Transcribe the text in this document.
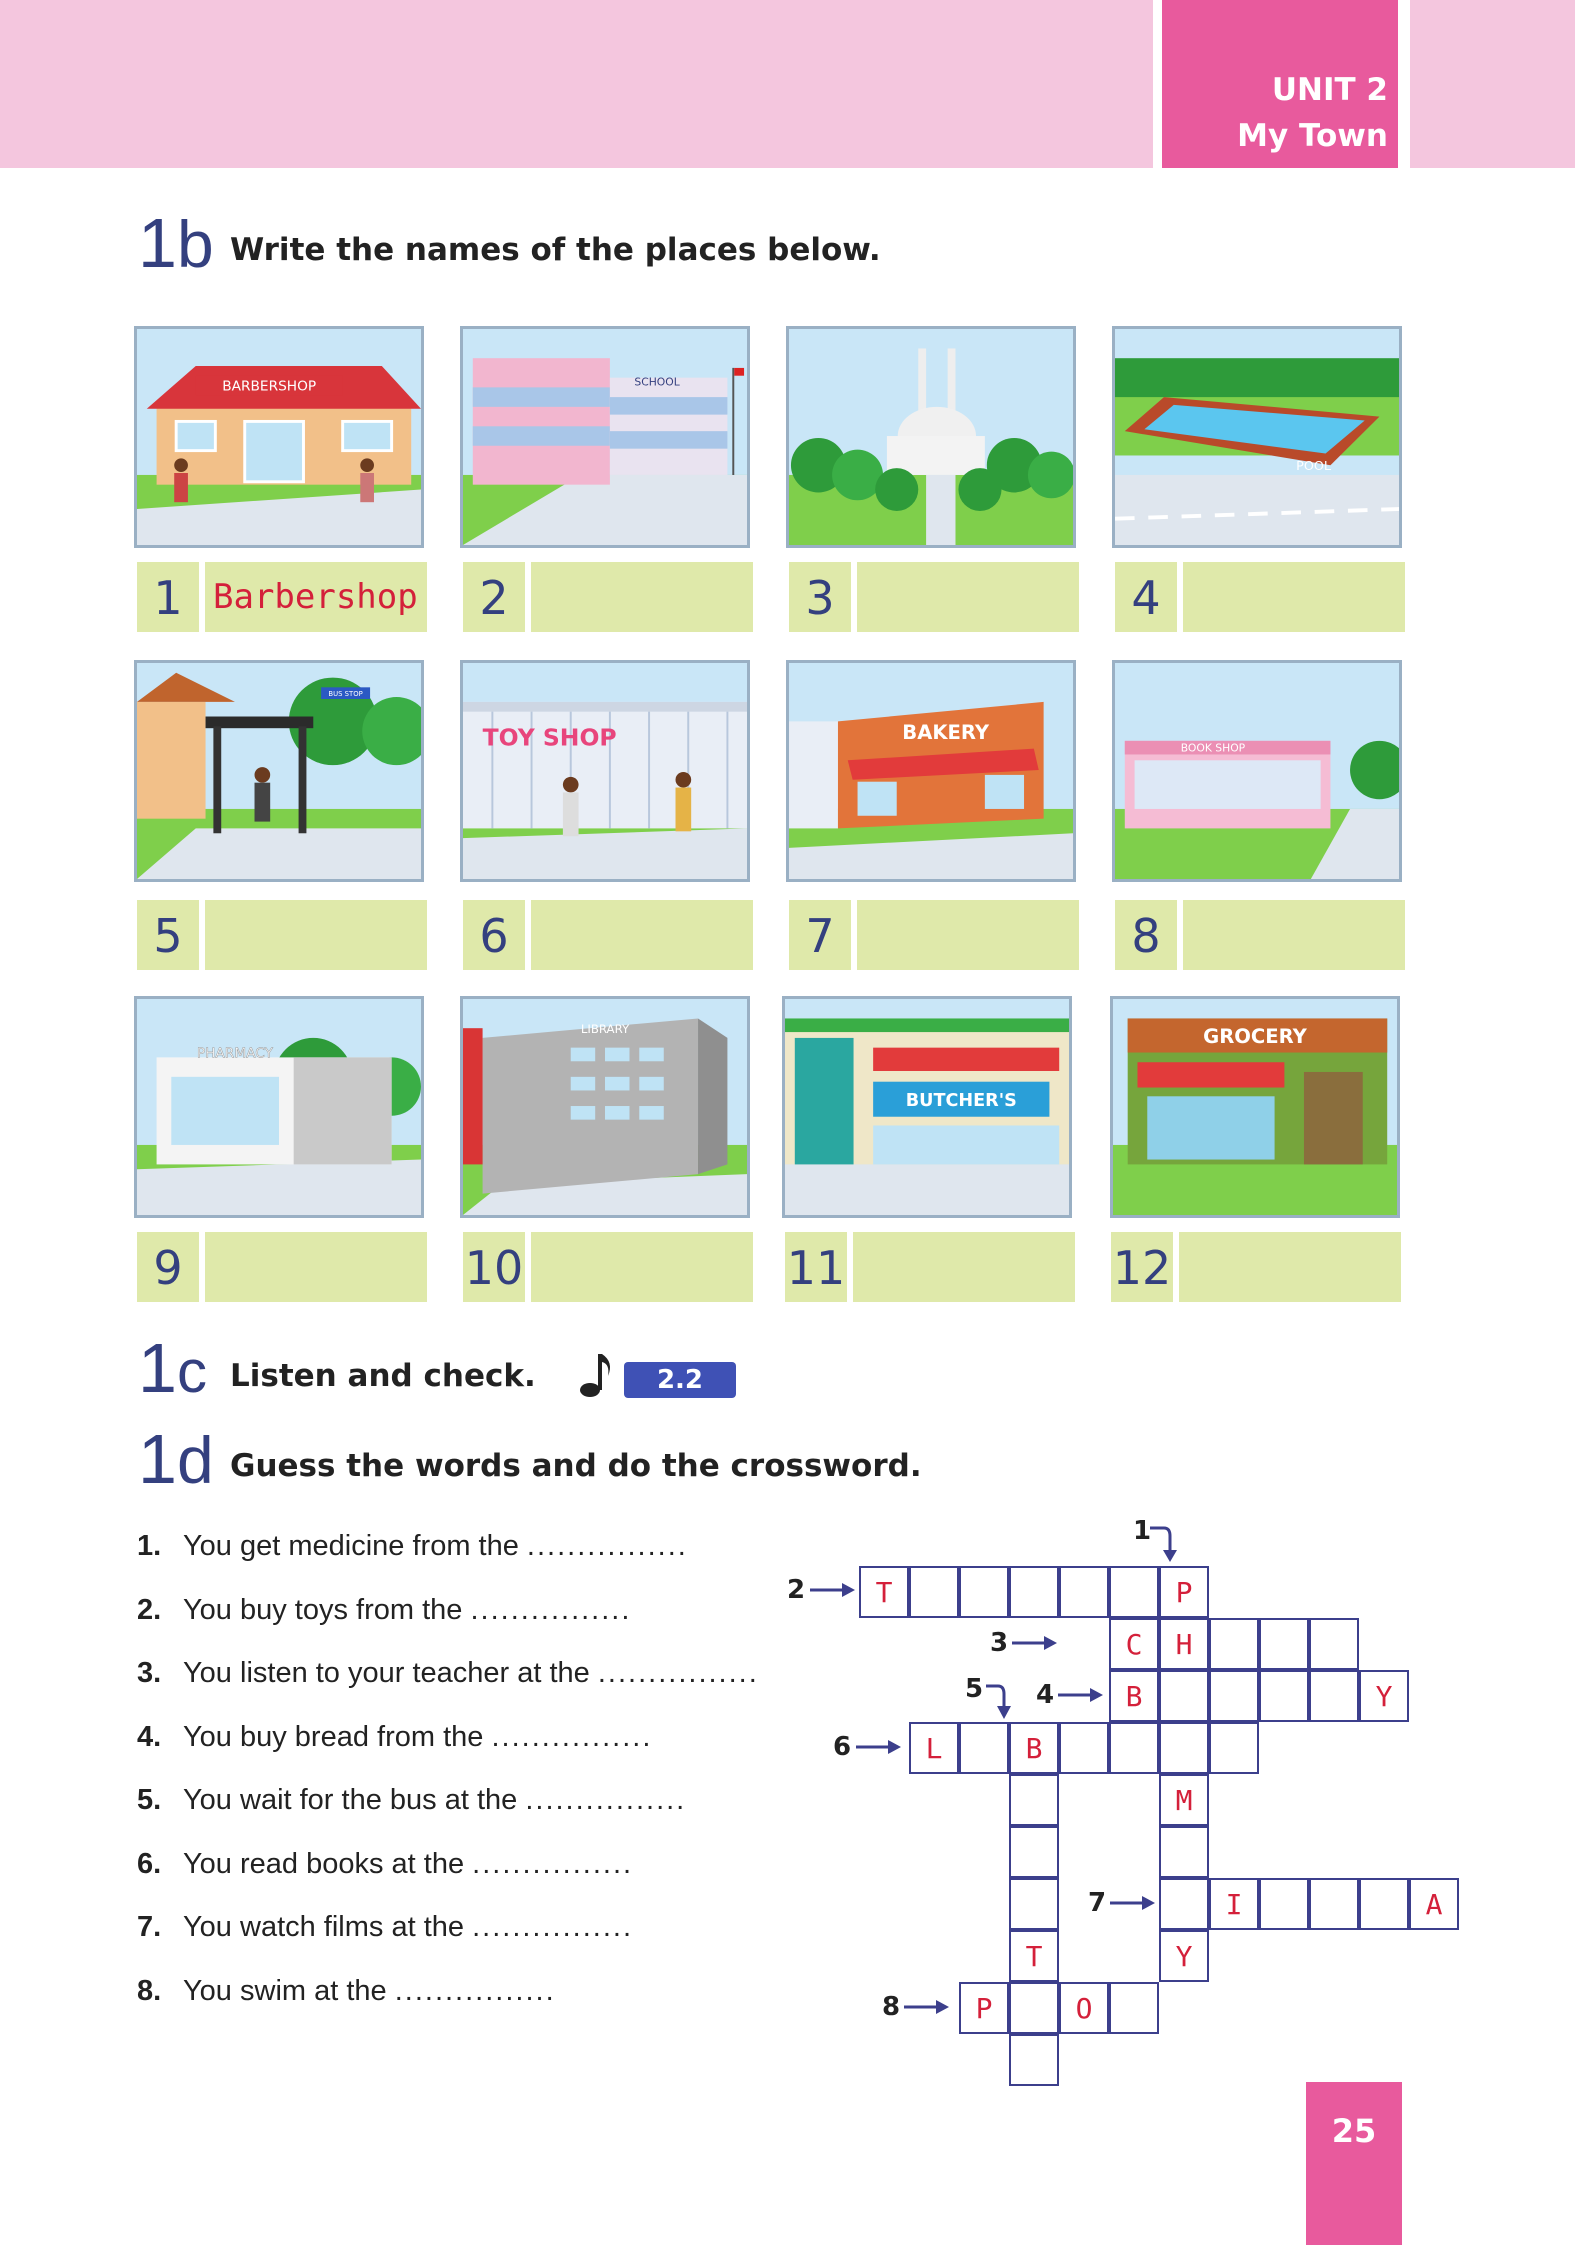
UNIT 2
My Town
1b Write the names of the places below.
BARBERSHOP	SCHOOL
POOL
1 Barbershop	2	3	4
BUS STOP
TOY SHOP	BAKERY
BOOK SHOP
5	6	7	8
PHARMACY
LIBRARY
BUTCHER'S
GROCERY
9	10	11	12
1c Listen and check.	2.2
1d Guess the words and do the crossword.
1. You get medicine from the ................
2. You buy toys from the ................
3. You listen to your teacher at the ................
4. You buy bread from the ................
5. You wait for the bus at the ................
6. You read books at the ................
7. You watch films at the ................
8. You swim at the ................
1
2
3
4
5
6
7
8
T	P
C	H
B	Y
L	B
T
M
Y
I	A
P	O
25
